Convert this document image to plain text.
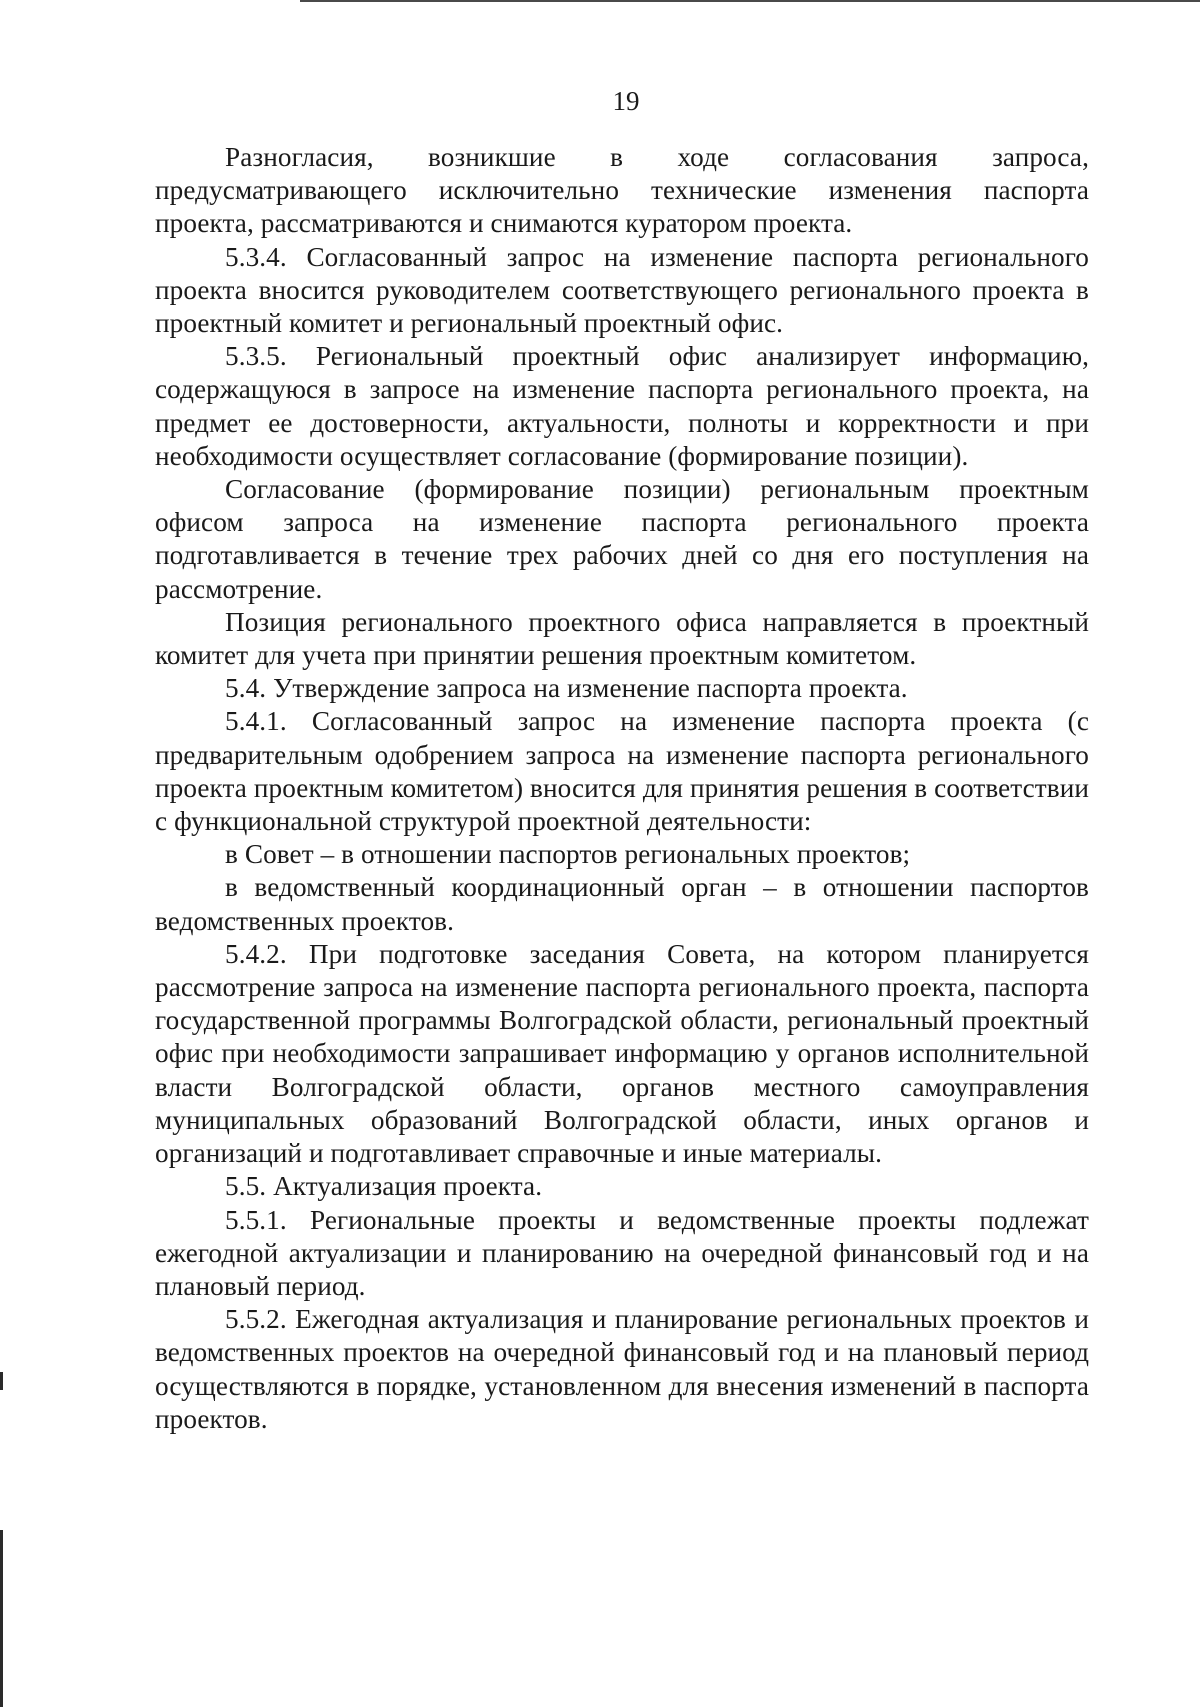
19

Разногласия, возникшие в ходе согласования запроса, предусматривающего исключительно технические изменения паспорта проекта, рассматриваются и снимаются куратором проекта.

5.3.4. Согласованный запрос на изменение паспорта регионального проекта вносится руководителем соответствующего регионального проекта в проектный комитет и региональный проектный офис.

5.3.5. Региональный проектный офис анализирует информацию, содержащуюся в запросе на изменение паспорта регионального проекта, на предмет ее достоверности, актуальности, полноты и корректности и при необходимости осуществляет согласование (формирование позиции).

Согласование (формирование позиции) региональным проектным офисом запроса на изменение паспорта регионального проекта подготавливается в течение трех рабочих дней со дня его поступления на рассмотрение.

Позиция регионального проектного офиса направляется в проектный комитет для учета при принятии решения проектным комитетом.

5.4. Утверждение запроса на изменение паспорта проекта.

5.4.1. Согласованный запрос на изменение паспорта проекта (с предварительным одобрением запроса на изменение паспорта регионального проекта проектным комитетом) вносится для принятия решения в соответствии с функциональной структурой проектной деятельности:

в Совет – в отношении паспортов региональных проектов;

в ведомственный координационный орган – в отношении паспортов ведомственных проектов.

5.4.2. При подготовке заседания Совета, на котором планируется рассмотрение запроса на изменение паспорта регионального проекта, паспорта государственной программы Волгоградской области, региональный проектный офис при необходимости запрашивает информацию у органов исполнительной власти Волгоградской области, органов местного самоуправления муниципальных образований Волгоградской области, иных органов и организаций и подготавливает справочные и иные материалы.

5.5. Актуализация проекта.

5.5.1. Региональные проекты и ведомственные проекты подлежат ежегодной актуализации и планированию на очередной финансовый год и на плановый период.

5.5.2. Ежегодная актуализация и планирование региональных проектов и ведомственных проектов на очередной финансовый год и на плановый период осуществляются в порядке, установленном для внесения изменений в паспорта проектов.
